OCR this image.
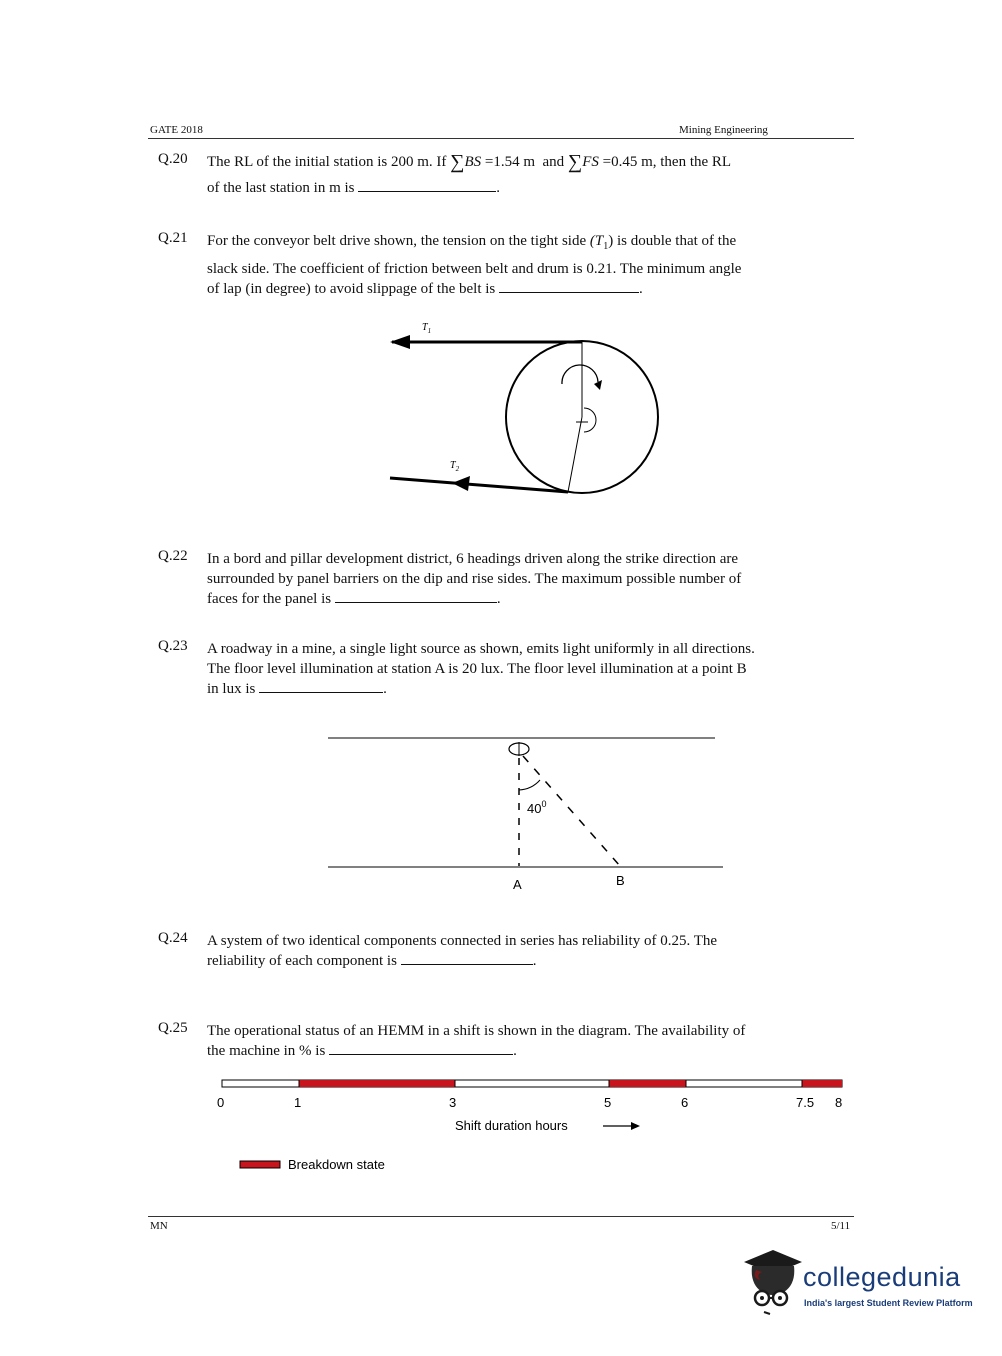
GATE 2018	Mining Engineering
Q.20 The RL of the initial station is 200 m. If ∑BS =1.54 m and ∑FS =0.45 m, then the RL

of the last station in m is	.

Q.21 For the conveyor belt drive shown, the tension on the tight side $(T_1)$ is double that of the

slack side. The coefficient of friction between belt and drum is 0.21. The minimum angle

of lap (in degree) to avoid slippage of the belt is	.

$T_1$
$T_2$
Q.22 In a bord and pillar development district, 6 headings driven along the strike direction are

surrounded by panel barriers on the dip and rise sides. The maximum possible number of

faces for the panel is	.

Q.23 A roadway in a mine, a single light source as shown, emits light uniformly in all directions.

The floor level illumination at station A is 20 lux. The floor level illumination at a point B

in lux is	.

$40^0$
A	B
Q.24 A system of two identical components connected in series has reliability of 0.25. The

reliability of each component is	.

Q.25 The operational status of an HEMM in a shift is shown in the diagram. The availability of

the machine in % is	.

0	1	3	5	6	7.5 8
Shift duration hours
Breakdown state
MN	5/11
collegedunia
India's largest Student Review Platform
